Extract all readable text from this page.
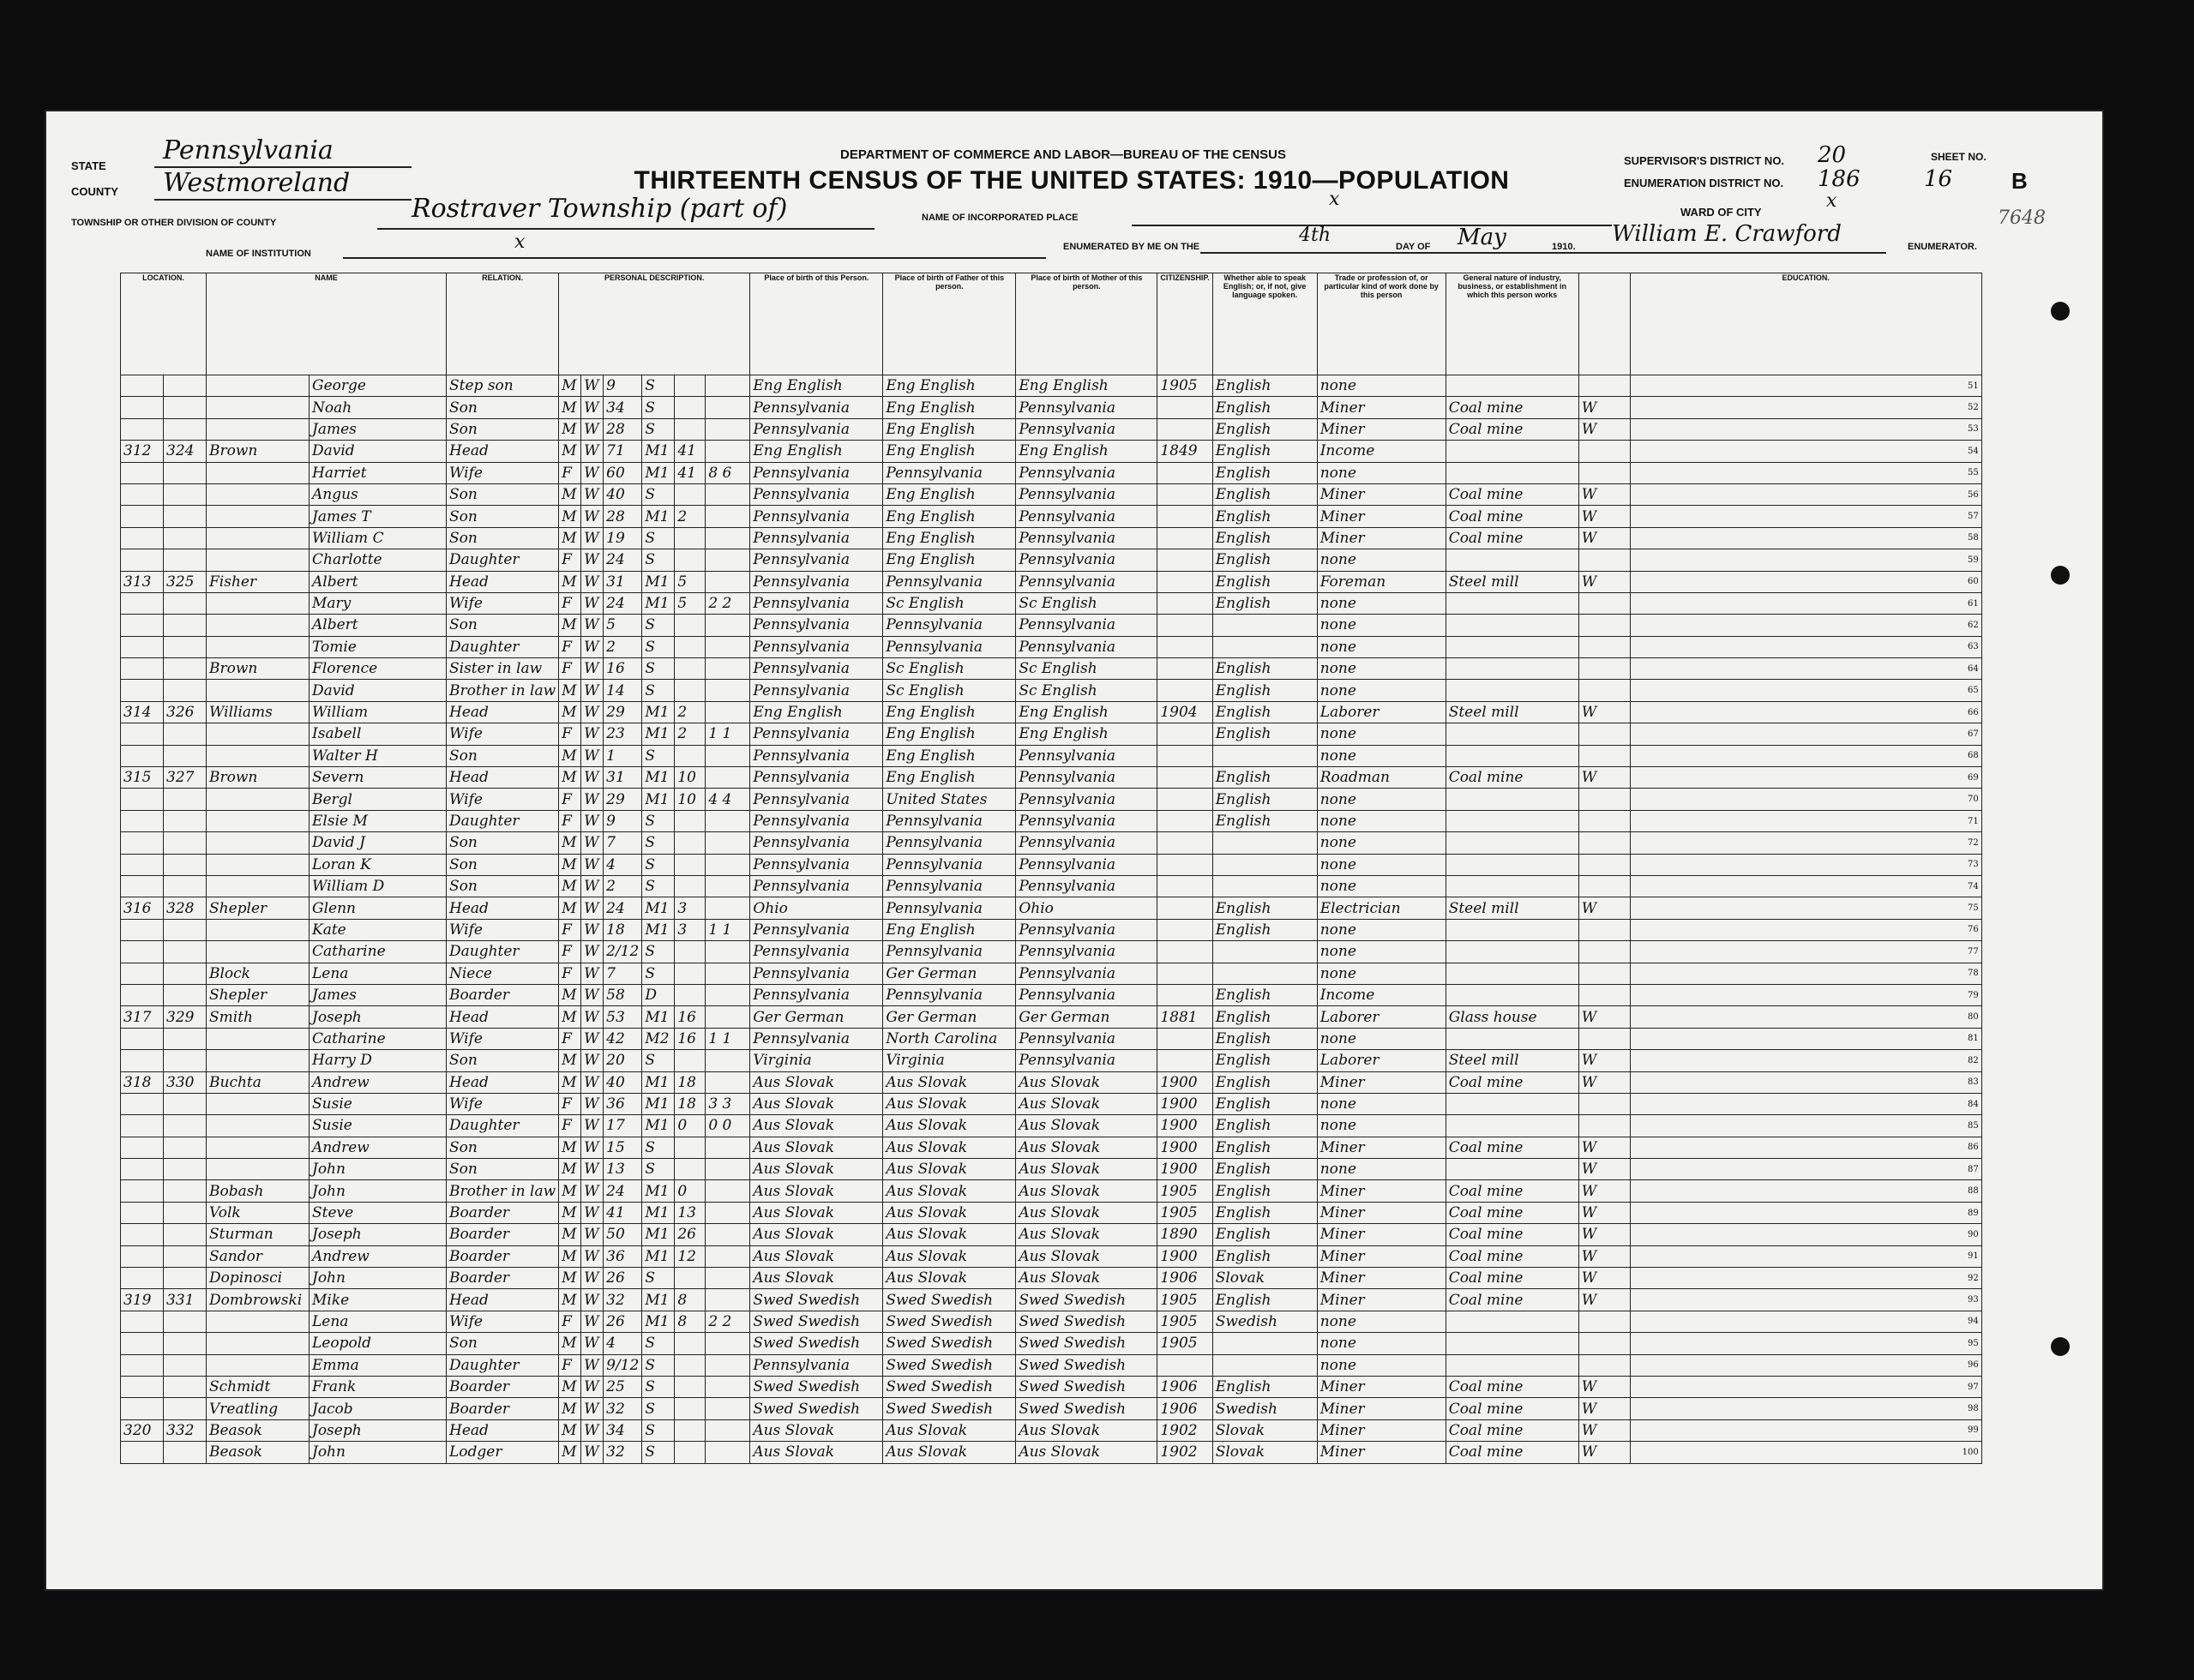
STATE
Pennsylvania
COUNTY Westmoreland
TOWNSHIP OR OTHER DIVISION OF COUNTY	Rostraver Township (part of)
NAME OF INSTITUTION
x
DEPARTMENT OF COMMERCE AND LABOR—BUREAU OF THE CENSUS
THIRTEENTH CENSUS OF THE UNITED STATES: 1910—POPULATION
NAME OF INCORPORATED PLACE
x
ENUMERATED BY ME ON THE
4th
DAY OF May	1910. William E. Crawford	ENUMERATOR.
SUPERVISOR'S DISTRICT NO. 20
ENUMERATION DISTRICT NO. 186
WARD OF CITY
x
SHEET NO.
16	B
7648
LOCATION.		NAME		RELATION.	PERSONAL DESCRIPTION.						Place of birth of this Person.	Place of birth of Father of this person.	Place of birth of Mother of this person.	CITIZENSHIP.	Whether able to speak English; or, if not, give language spoken.	Trade or profession of, or particular kind of work done by this person	General nature of industry, business, or establishment in which this person works		EDUCATION.
			George	Step son	M	W	9	S			Eng English	Eng English	Eng English	1905	English	none			51
			Noah	Son	M	W	34	S			Pennsylvania	Eng English	Pennsylvania		English	Miner	Coal mine	W	52
			James	Son	M	W	28	S			Pennsylvania	Eng English	Pennsylvania		English	Miner	Coal mine	W	53
312	324	Brown	David	Head	M	W	71	M1	41		Eng English	Eng English	Eng English	1849	English	Income			54
			Harriet	Wife	F	W	60	M1	41	8 6	Pennsylvania	Pennsylvania	Pennsylvania		English	none			55
			Angus	Son	M	W	40	S			Pennsylvania	Eng English	Pennsylvania		English	Miner	Coal mine	W	56
			James T	Son	M	W	28	M1	2		Pennsylvania	Eng English	Pennsylvania		English	Miner	Coal mine	W	57
			William C	Son	M	W	19	S			Pennsylvania	Eng English	Pennsylvania		English	Miner	Coal mine	W	58
			Charlotte	Daughter	F	W	24	S			Pennsylvania	Eng English	Pennsylvania		English	none			59
313	325	Fisher	Albert	Head	M	W	31	M1	5		Pennsylvania	Pennsylvania	Pennsylvania		English	Foreman	Steel mill	W	60
			Mary	Wife	F	W	24	M1	5	2 2	Pennsylvania	Sc English	Sc English		English	none			61
			Albert	Son	M	W	5	S			Pennsylvania	Pennsylvania	Pennsylvania			none			62
			Tomie	Daughter	F	W	2	S			Pennsylvania	Pennsylvania	Pennsylvania			none			63
		Brown	Florence	Sister in law	F	W	16	S			Pennsylvania	Sc English	Sc English		English	none			64
			David	Brother in law	M	W	14	S			Pennsylvania	Sc English	Sc English		English	none			65
314	326	Williams	William	Head	M	W	29	M1	2		Eng English	Eng English	Eng English	1904	English	Laborer	Steel mill	W	66
			Isabell	Wife	F	W	23	M1	2	1 1	Pennsylvania	Eng English	Eng English		English	none			67
			Walter H	Son	M	W	1	S			Pennsylvania	Eng English	Pennsylvania			none			68
315	327	Brown	Severn	Head	M	W	31	M1	10		Pennsylvania	Eng English	Pennsylvania		English	Roadman	Coal mine	W	69
			Bergl	Wife	F	W	29	M1	10	4 4	Pennsylvania	United States	Pennsylvania		English	none			70
			Elsie M	Daughter	F	W	9	S			Pennsylvania	Pennsylvania	Pennsylvania		English	none			71
			David J	Son	M	W	7	S			Pennsylvania	Pennsylvania	Pennsylvania			none			72
			Loran K	Son	M	W	4	S			Pennsylvania	Pennsylvania	Pennsylvania			none			73
			William D	Son	M	W	2	S			Pennsylvania	Pennsylvania	Pennsylvania			none			74
316	328	Shepler	Glenn	Head	M	W	24	M1	3		Ohio	Pennsylvania	Ohio		English	Electrician	Steel mill	W	75
			Kate	Wife	F	W	18	M1	3	1 1	Pennsylvania	Eng English	Pennsylvania		English	none			76
			Catharine	Daughter	F	W	2/12	S			Pennsylvania	Pennsylvania	Pennsylvania			none			77
		Block	Lena	Niece	F	W	7	S			Pennsylvania	Ger German	Pennsylvania			none			78
		Shepler	James	Boarder	M	W	58	D			Pennsylvania	Pennsylvania	Pennsylvania		English	Income			79
317	329	Smith	Joseph	Head	M	W	53	M1	16		Ger German	Ger German	Ger German	1881	English	Laborer	Glass house	W	80
			Catharine	Wife	F	W	42	M2	16	1 1	Pennsylvania	North Carolina	Pennsylvania		English	none			81
			Harry D	Son	M	W	20	S			Virginia	Virginia	Pennsylvania		English	Laborer	Steel mill	W	82
318	330	Buchta	Andrew	Head	M	W	40	M1	18		Aus Slovak	Aus Slovak	Aus Slovak	1900	English	Miner	Coal mine	W	83
			Susie	Wife	F	W	36	M1	18	3 3	Aus Slovak	Aus Slovak	Aus Slovak	1900	English	none			84
			Susie	Daughter	F	W	17	M1	0	0 0	Aus Slovak	Aus Slovak	Aus Slovak	1900	English	none			85
			Andrew	Son	M	W	15	S			Aus Slovak	Aus Slovak	Aus Slovak	1900	English	Miner	Coal mine	W	86
			John	Son	M	W	13	S			Aus Slovak	Aus Slovak	Aus Slovak	1900	English	none		W	87
		Bobash	John	Brother in law	M	W	24	M1	0		Aus Slovak	Aus Slovak	Aus Slovak	1905	English	Miner	Coal mine	W	88
		Volk	Steve	Boarder	M	W	41	M1	13		Aus Slovak	Aus Slovak	Aus Slovak	1905	English	Miner	Coal mine	W	89
		Sturman	Joseph	Boarder	M	W	50	M1	26		Aus Slovak	Aus Slovak	Aus Slovak	1890	English	Miner	Coal mine	W	90
		Sandor	Andrew	Boarder	M	W	36	M1	12		Aus Slovak	Aus Slovak	Aus Slovak	1900	English	Miner	Coal mine	W	91
		Dopinosci	John	Boarder	M	W	26	S			Aus Slovak	Aus Slovak	Aus Slovak	1906	Slovak	Miner	Coal mine	W	92
319	331	Dombrowski	Mike	Head	M	W	32	M1	8		Swed Swedish	Swed Swedish	Swed Swedish	1905	English	Miner	Coal mine	W	93
			Lena	Wife	F	W	26	M1	8	2 2	Swed Swedish	Swed Swedish	Swed Swedish	1905	Swedish	none			94
			Leopold	Son	M	W	4	S			Swed Swedish	Swed Swedish	Swed Swedish	1905		none			95
			Emma	Daughter	F	W	9/12	S			Pennsylvania	Swed Swedish	Swed Swedish			none			96
		Schmidt	Frank	Boarder	M	W	25	S			Swed Swedish	Swed Swedish	Swed Swedish	1906	English	Miner	Coal mine	W	97
		Vreatling	Jacob	Boarder	M	W	32	S			Swed Swedish	Swed Swedish	Swed Swedish	1906	Swedish	Miner	Coal mine	W	98
320	332	Beasok	Joseph	Head	M	W	34	S			Aus Slovak	Aus Slovak	Aus Slovak	1902	Slovak	Miner	Coal mine	W	99
		Beasok	John	Lodger	M	W	32	S			Aus Slovak	Aus Slovak	Aus Slovak	1902	Slovak	Miner	Coal mine	W	100
